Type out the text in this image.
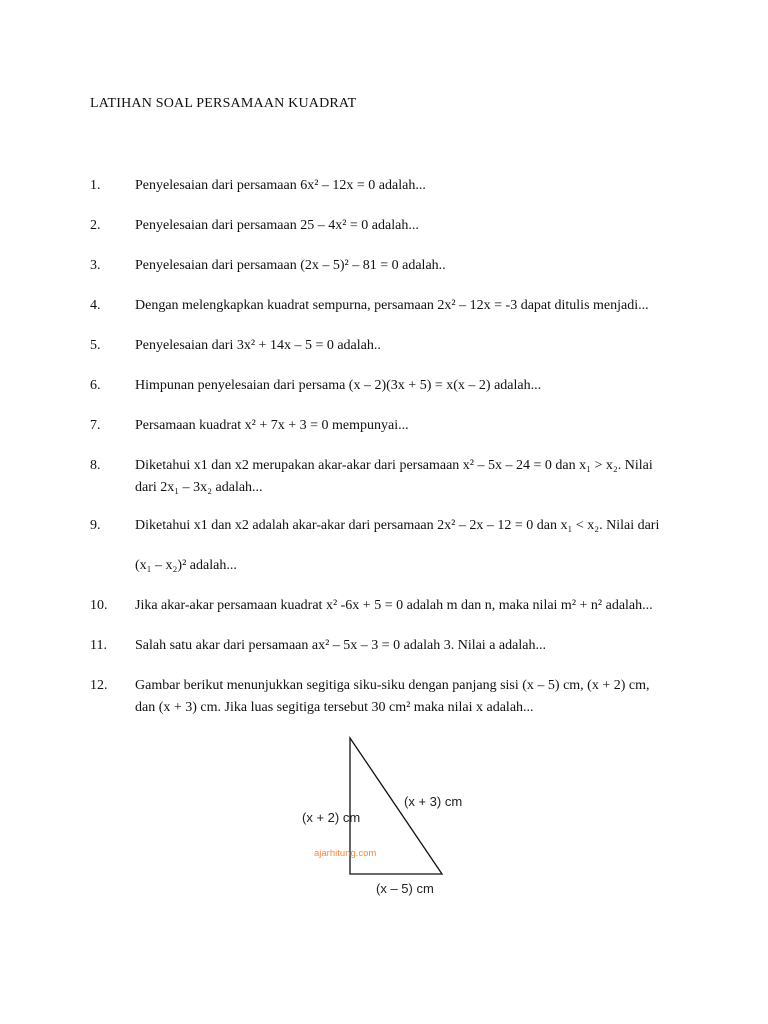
LATIHAN SOAL PERSAMAAN KUADRAT
1. Penyelesaian dari persamaan 6x² – 12x = 0 adalah...
2. Penyelesaian dari persamaan 25 – 4x² = 0 adalah...
3. Penyelesaian dari persamaan (2x – 5)² – 81 = 0 adalah..
4. Dengan melengkapkan kuadrat sempurna, persamaan 2x² – 12x = -3 dapat ditulis menjadi...
5. Penyelesaian dari 3x² + 14x – 5 = 0 adalah..
6. Himpunan penyelesaian dari persama (x – 2)(3x + 5) = x(x – 2) adalah...
7. Persamaan kuadrat x² + 7x + 3 = 0 mempunyai...
8. Diketahui x1 dan x2 merupakan akar-akar dari persamaan x² – 5x – 24 = 0 dan x₁ > x₂. Nilai
dari 2x₁ – 3x₂ adalah...
9. Diketahui x1 dan x2 adalah akar-akar dari persamaan 2x² – 2x – 12 = 0 dan x₁ < x₂. Nilai dari
(x₁ – x₂)² adalah...
10. Jika akar-akar persamaan kuadrat x² -6x + 5 = 0 adalah m dan n, maka nilai m² + n² adalah...
11. Salah satu akar dari persamaan ax² – 5x – 3 = 0 adalah 3. Nilai a adalah...
12. Gambar berikut menunjukkan segitiga siku-siku dengan panjang sisi (x – 5) cm, (x + 2) cm,
dan (x + 3) cm. Jika luas segitiga tersebut 30 cm² maka nilai x adalah...
(x + 3) cm
(x + 2) cm
ajarhitung.com
(x – 5) cm
